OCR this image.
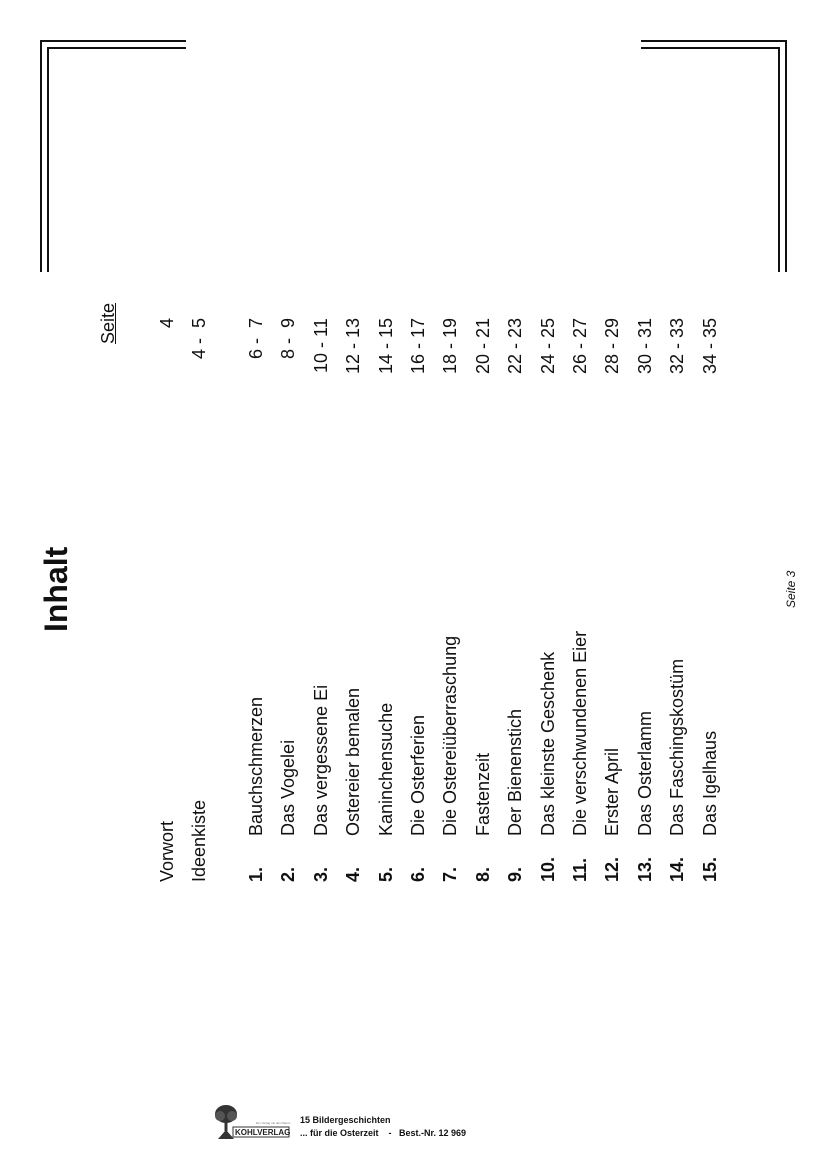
Inhalt
Seite
Vorwort
4
Ideenkiste
4 -  5
1.
Bauchschmerzen
6 -  7
2.
Das Vogelei
8 -  9
3.
Das vergessene Ei
10 - 11
4.
Ostereier bemalen
12 - 13
5.
Kaninchensuche
14 - 15
6.
Die Osterferien
16 - 17
7.
Die Ostereiüberraschung
18 - 19
8.
Fastenzeit
20 - 21
9.
Der Bienenstich
22 - 23
10.
Das kleinste Geschenk
24 - 25
11.
Die verschwundenen Eier
26 - 27
12.
Erster April
28 - 29
13.
Das Osterlamm
30 - 31
14.
Das Faschingskostüm
32 - 33
15.
Das Igelhaus
34 - 35
Seite 3
KOHLVERLAG
Der Verlag mit dem Baum 15 Bildergeschichten
... für die Osterzeit    -   Best.-Nr. 12 969
